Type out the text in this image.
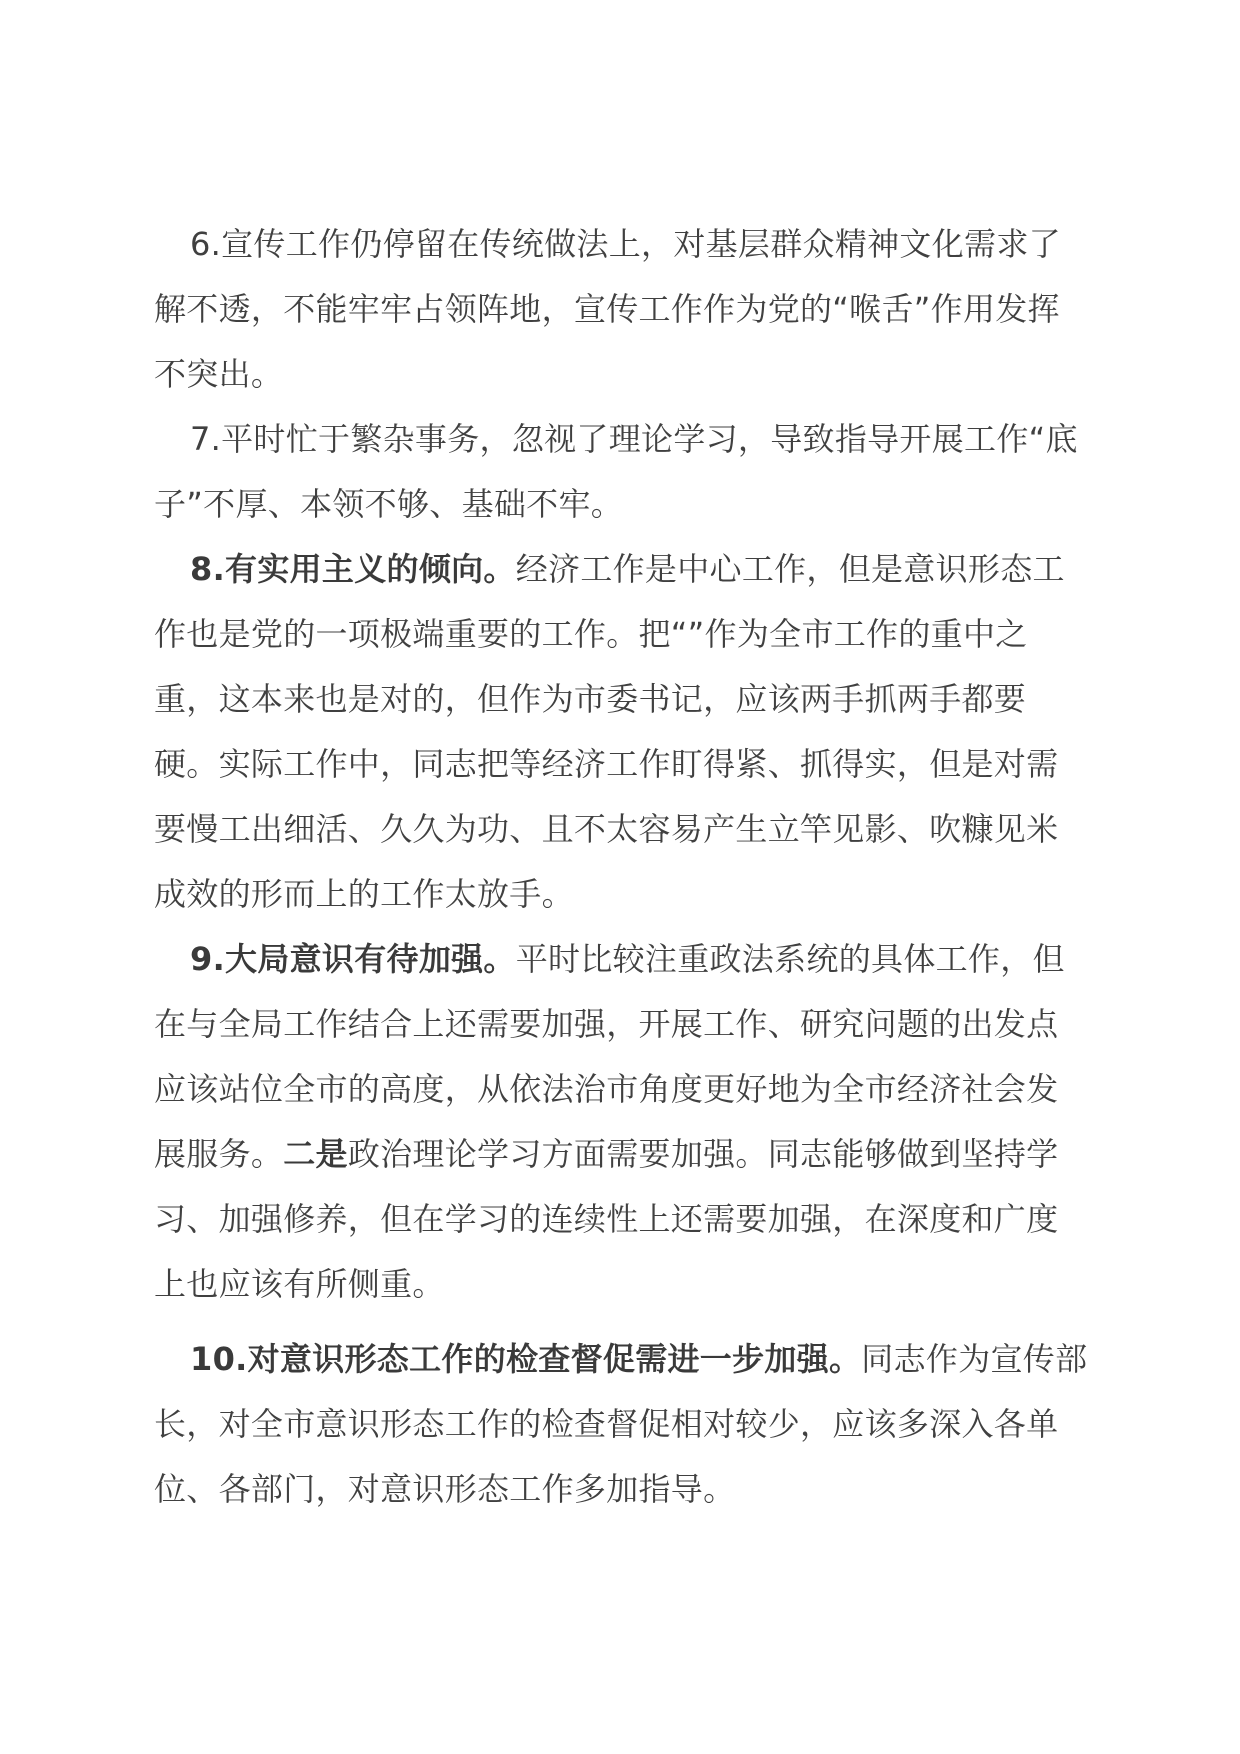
6.宣传工作仍停留在传统做法上，对基层群众精神文化需求了解不透，不能牢牢占领阵地，宣传工作作为党的“喉舌”作用发挥不突出。

7.平时忙于繁杂事务，忽视了理论学习，导致指导开展工作“底子”不厚、本领不够、基础不牢。

8.有实用主义的倾向。经济工作是中心工作，但是意识形态工作也是党的一项极端重要的工作。把“”作为全市工作的重中之重，这本来也是对的，但作为市委书记，应该两手抓两手都要硬。实际工作中，同志把等经济工作盯得紧、抓得实，但是对需要慢工出细活、久久为功、且不太容易产生立竿见影、吹糠见米成效的形而上的工作太放手。

9.大局意识有待加强。平时比较注重政法系统的具体工作，但在与全局工作结合上还需要加强，开展工作、研究问题的出发点应该站位全市的高度，从依法治市角度更好地为全市经济社会发展服务。二是政治理论学习方面需要加强。同志能够做到坚持学习、加强修养，但在学习的连续性上还需要加强，在深度和广度上也应该有所侧重。

10.对意识形态工作的检查督促需进一步加强。同志作为宣传部长，对全市意识形态工作的检查督促相对较少，应该多深入各单位、各部门，对意识形态工作多加指导。
